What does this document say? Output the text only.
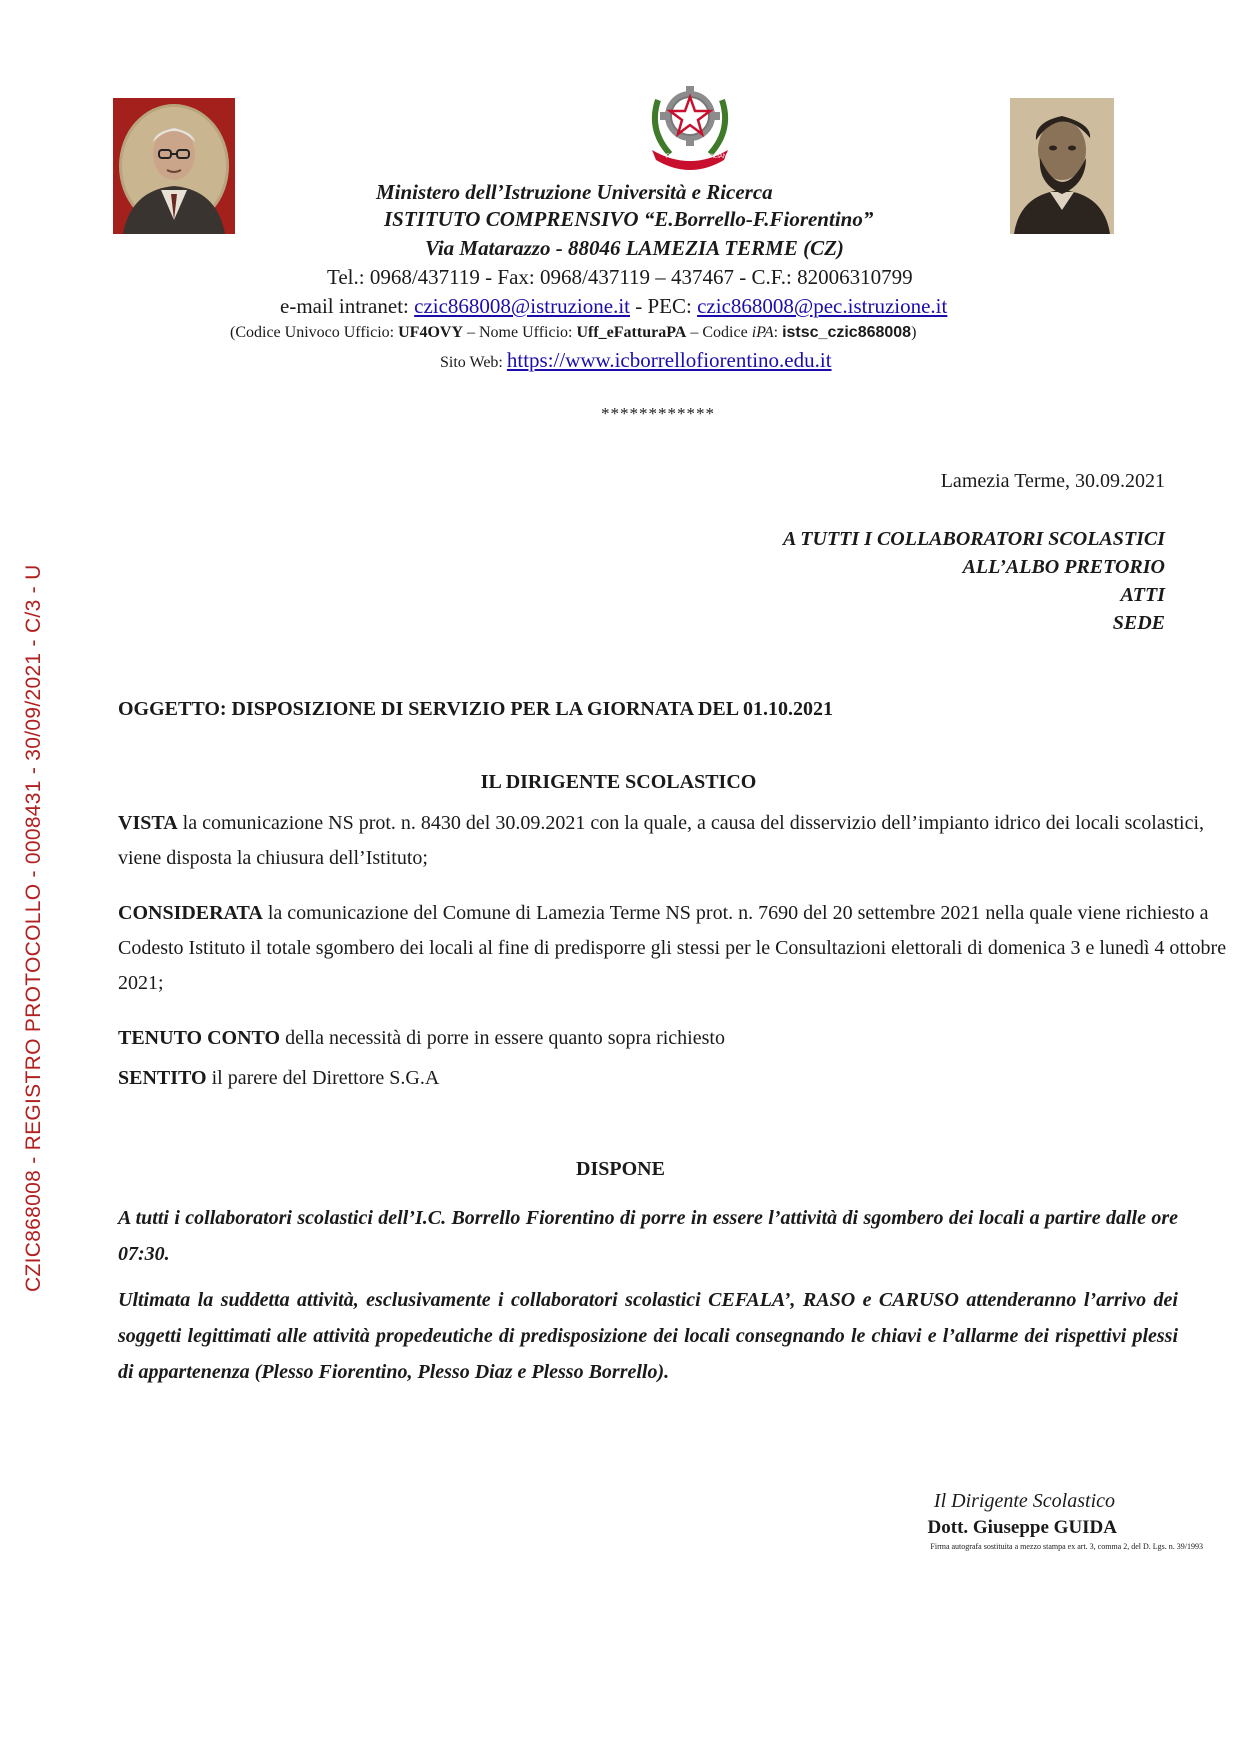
REPVBBLICA ITALIANA
Ministero dell’Istruzione Università e Ricerca
ISTITUTO COMPRENSIVO “E.Borrello-F.Fiorentino”
Via Matarazzo - 88046 LAMEZIA TERME (CZ)
Tel.: 0968/437119 - Fax: 0968/437119 – 437467 - C.F.: 82006310799
e-mail intranet: czic868008@istruzione.it - PEC: czic868008@pec.istruzione.it
(Codice Univoco Ufficio: UF4OVY – Nome Ufficio: Uff_eFatturaPA – Codice iPA: istsc_czic868008)
Sito Web: https://www.icborrellofiorentino.edu.it
************
Lamezia Terme, 30.09.2021
A TUTTI I COLLABORATORI SCOLASTICI
ALL’ALBO PRETORIO
ATTI
SEDE
OGGETTO: DISPOSIZIONE DI SERVIZIO PER LA GIORNATA DEL 01.10.2021
IL DIRIGENTE SCOLASTICO
VISTA la comunicazione NS prot. n. 8430 del 30.09.2021 con la quale, a causa del disservizio dell’impianto idrico dei locali scolastici, viene disposta la chiusura dell’Istituto;
CONSIDERATA la comunicazione del Comune di Lamezia Terme NS prot. n. 7690 del 20 settembre 2021 nella quale viene richiesto a Codesto Istituto il totale sgombero dei locali al fine di predisporre gli stessi per le Consultazioni elettorali di domenica 3 e lunedì 4 ottobre 2021;
TENUTO CONTO della necessità di porre in essere quanto sopra richiesto
SENTITO il parere del Direttore S.G.A
DISPONE
A tutti i collaboratori scolastici dell’I.C. Borrello Fiorentino di porre in essere l’attività di sgombero dei locali a partire dalle ore 07:30.
Ultimata la suddetta attività, esclusivamente i collaboratori scolastici CEFALA’, RASO e CARUSO attenderanno l’arrivo dei soggetti legittimati alle attività propedeutiche di predisposizione dei locali consegnando le chiavi e l’allarme dei rispettivi plessi di appartenenza (Plesso Fiorentino, Plesso Diaz e Plesso Borrello).
Il Dirigente Scolastico
Dott. Giuseppe GUIDA
Firma autografa sostituita a mezzo stampa ex art. 3, comma 2, del D. Lgs. n. 39/1993
CZIC868008 - REGISTRO PROTOCOLLO - 0008431 - 30/09/2021 - C/3 - U
